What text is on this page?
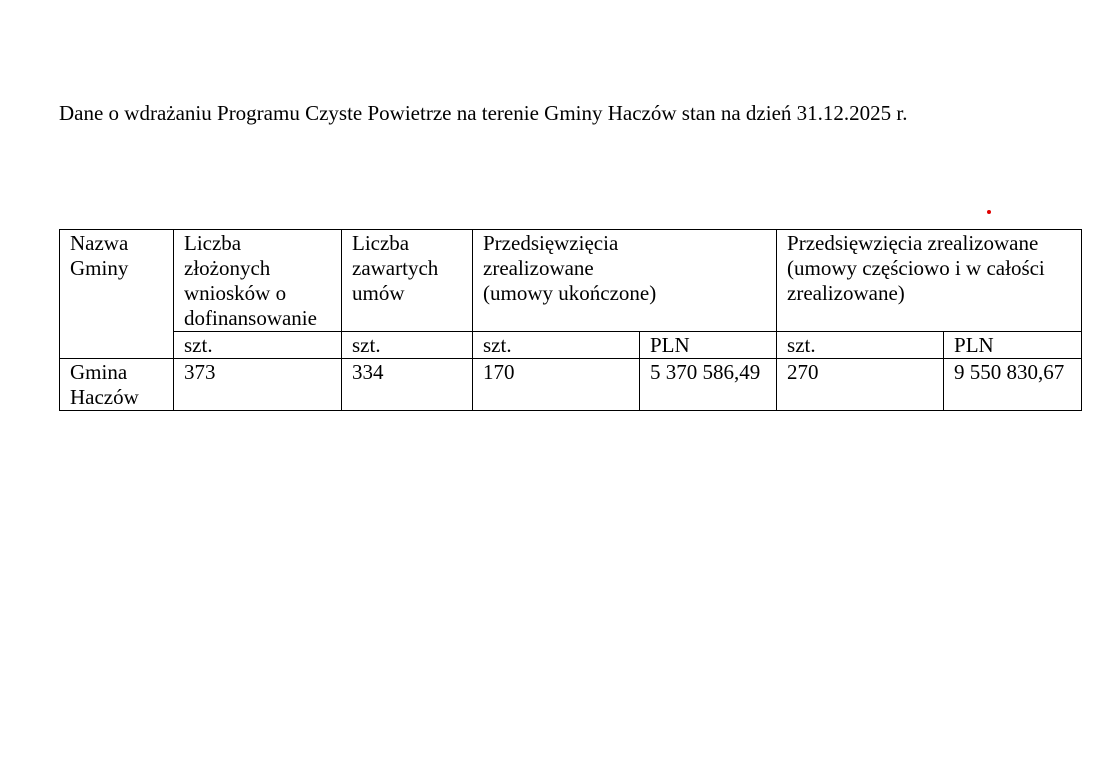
Dane o wdrażaniu Programu Czyste Powietrze na terenie Gminy Haczów stan na dzień 31.12.2025 r.
Nazwa
Gminy	Liczba
złożonych
wniosków o
dofinansowanie	Liczba
zawartych
umów	Przedsięwzięcia
zrealizowane
(umowy ukończone)		Przedsięwzięcia zrealizowane
(umowy częściowo i w całości
zrealizowane)	
	szt.	szt.	szt.	PLN	szt.	PLN
Gmina
Haczów	373	334	170	5 370 586,49	270	9 550 830,67
